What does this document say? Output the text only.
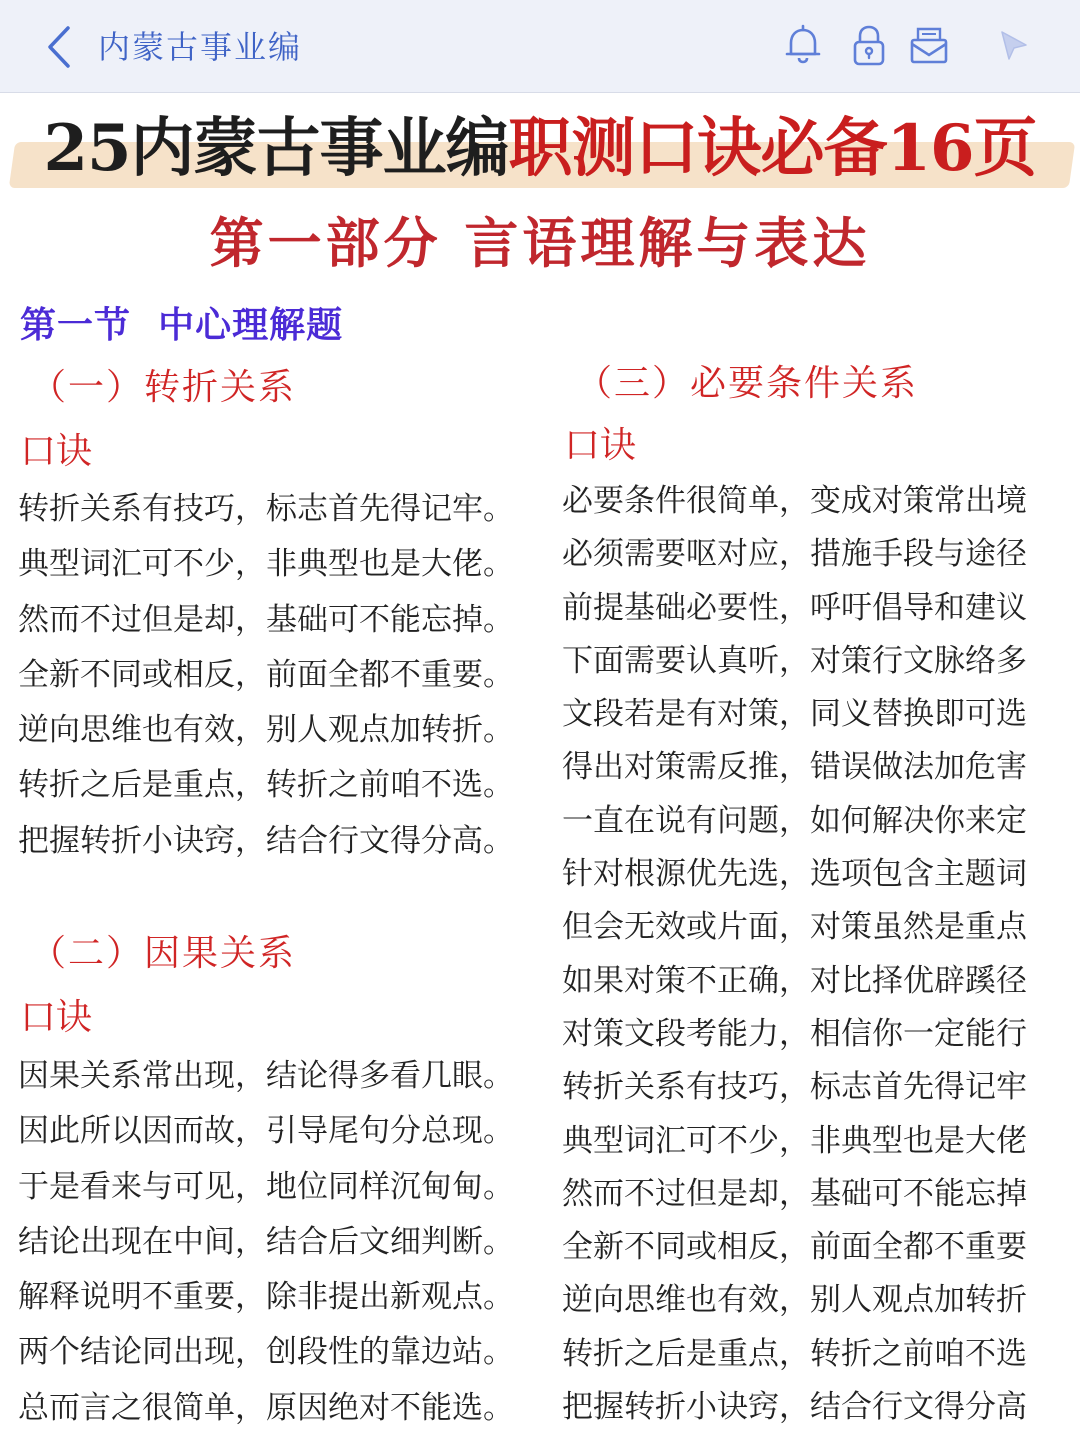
内蒙古事业编
25内蒙古事业编职测口诀必备16页
第一部分 言语理解与表达
第一节  中心理解题
（一）转折关系
口诀
转折关系有技巧，标志首先得记牢。
典型词汇可不少，非典型也是大佬。
然而不过但是却，基础可不能忘掉。
全新不同或相反，前面全都不重要。
逆向思维也有效，别人观点加转折。
转折之后是重点，转折之前咱不选。
把握转折小诀窍，结合行文得分高。
（二）因果关系
口诀
因果关系常出现，结论得多看几眼。
因此所以因而故，引导尾句分总现。
于是看来与可见，地位同样沉甸甸。
结论出现在中间，结合后文细判断。
解释说明不重要，除非提出新观点。
两个结论同出现，创段性的靠边站。
总而言之很简单，原因绝对不能选。
（三）必要条件关系
口诀
必要条件很简单，变成对策常出境
必须需要呕对应，措施手段与途径
前提基础必要性，呼吁倡导和建议
下面需要认真听，对策行文脉络多
文段若是有对策，同义替换即可选
得出对策需反推，错误做法加危害
一直在说有问题，如何解决你来定
针对根源优先选，选项包含主题词
但会无效或片面，对策虽然是重点
如果对策不正确，对比择优辟蹊径
对策文段考能力，相信你一定能行
转折关系有技巧，标志首先得记牢
典型词汇可不少，非典型也是大佬
然而不过但是却，基础可不能忘掉
全新不同或相反，前面全都不重要
逆向思维也有效，别人观点加转折
转折之后是重点，转折之前咱不选
把握转折小诀窍，结合行文得分高
